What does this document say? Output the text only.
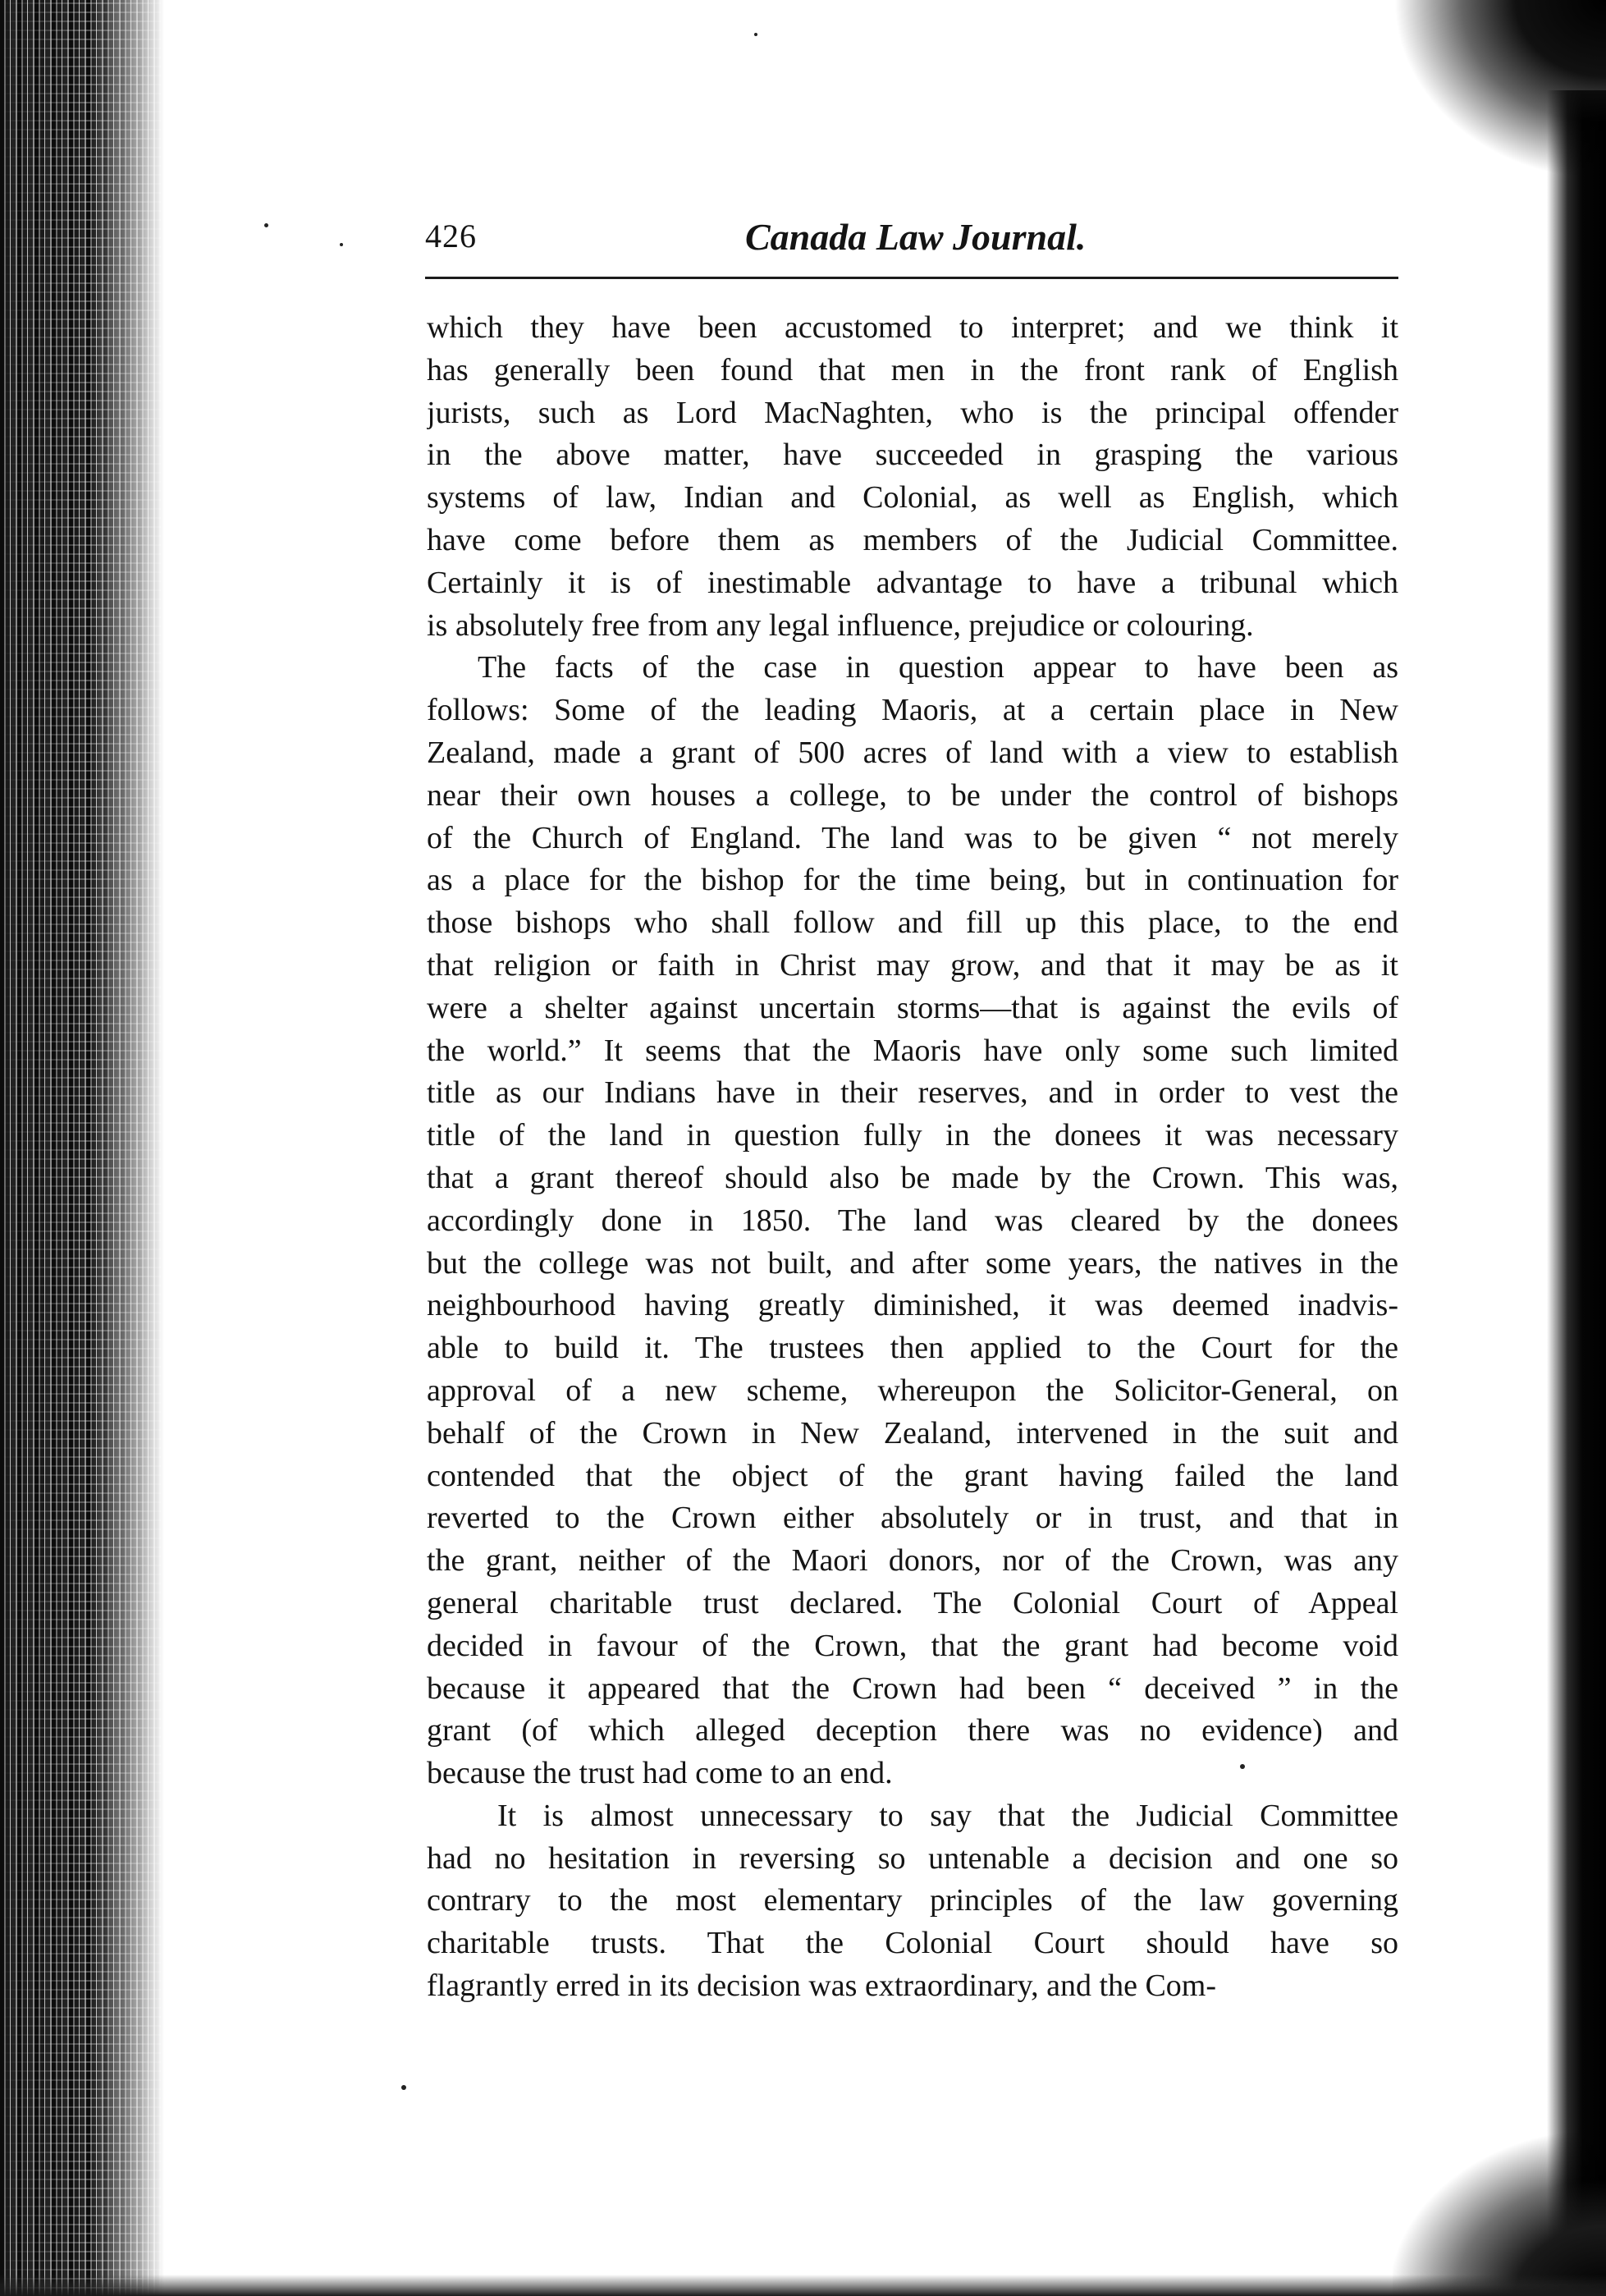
426	Canada Law Journal.
which they have been accustomed to interpret; and we think it
has generally been found that men in the front rank of English
jurists, such as Lord MacNaghten, who is the principal offender
in the above matter, have succeeded in grasping the various
systems of law, Indian and Colonial, as well as English, which
have come before them as members of the Judicial Committee.
Certainly it is of inestimable advantage to have a tribunal which
is absolutely free from any legal influence, prejudice or colouring.
The facts of the case in question appear to have been as
follows: Some of the leading Maoris, at a certain place in New
Zealand, made a grant of 500 acres of land with a view to establish
near their own houses a college, to be under the control of bishops
of the Church of England. The land was to be given “ not merely
as a place for the bishop for the time being, but in continuation for
those bishops who shall follow and fill up this place, to the end
that religion or faith in Christ may grow, and that it may be as it
were a shelter against uncertain storms—that is against the evils of
the world.” It seems that the Maoris have only some such limited
title as our Indians have in their reserves, and in order to vest the
title of the land in question fully in the donees it was necessary
that a grant thereof should also be made by the Crown. This was,
accordingly done in 1850. The land was cleared by the donees
but the college was not built, and after some years, the natives in the
neighbourhood having greatly diminished, it was deemed inadvis-
able to build it. The trustees then applied to the Court for the
approval of a new scheme, whereupon the Solicitor-General, on
behalf of the Crown in New Zealand, intervened in the suit and
contended that the object of the grant having failed the land
reverted to the Crown either absolutely or in trust, and that in
the grant, neither of the Maori donors, nor of the Crown, was any
general charitable trust declared. The Colonial Court of Appeal
decided in favour of the Crown, that the grant had become void
because it appeared that the Crown had been “ deceived ” in the
grant (of which alleged deception there was no evidence) and
because the trust had come to an end.
It is almost unnecessary to say that the Judicial Committee
had no hesitation in reversing so untenable a decision and one so
contrary to the most elementary principles of the law governing
charitable trusts. That the Colonial Court should have so
flagrantly erred in its decision was extraordinary, and the Com-
